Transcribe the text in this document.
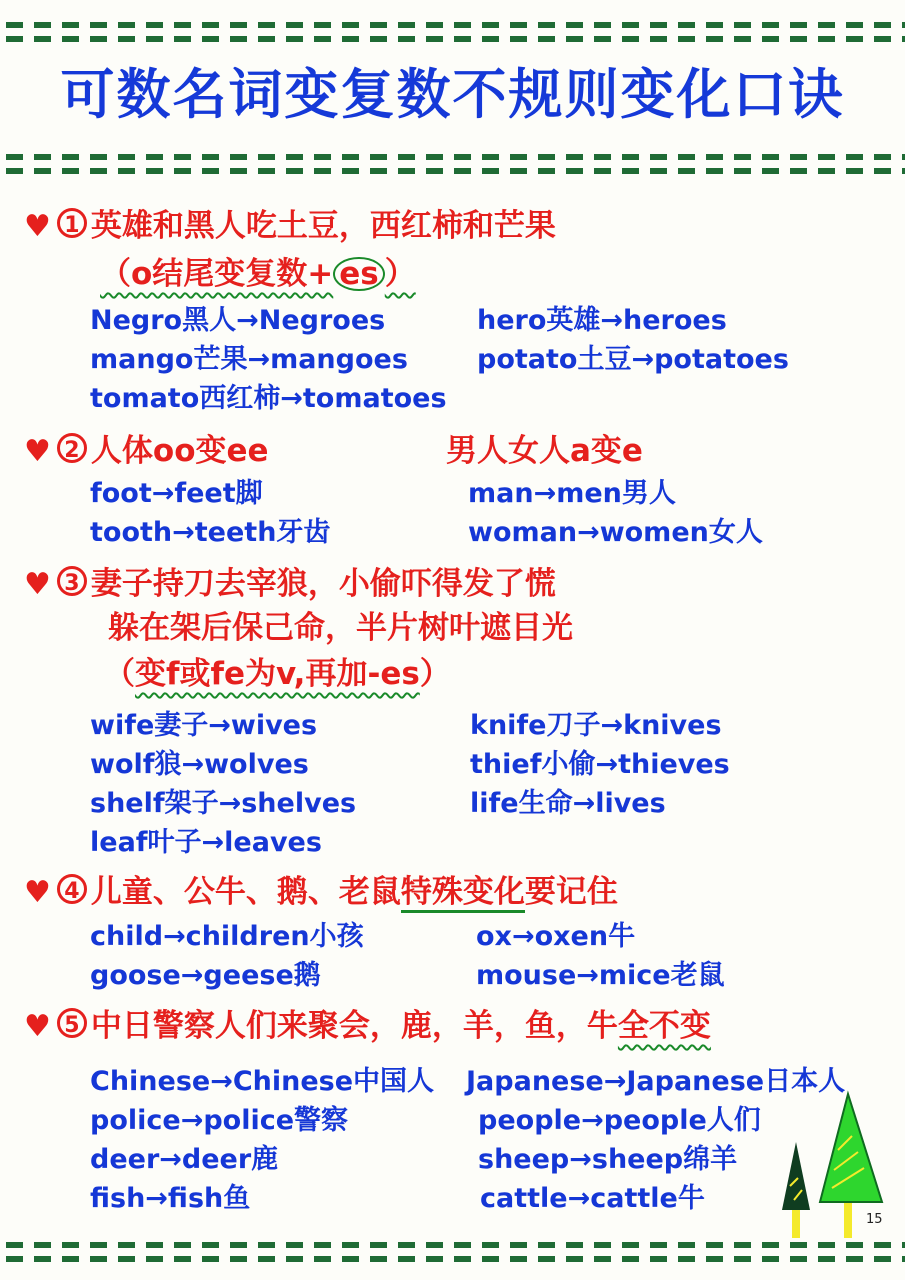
可数名词变复数不规则变化口诀
♥ 1 英雄和黑人吃土豆，西红柿和芒果
（o结尾变复数+ es ）
Negro黑人→Negroes	hero英雄→heroes
mango芒果→mangoes	potato土豆→potatoes
tomato西红柿→tomatoes
♥ 2 人体oo变ee	男人女人a变e
foot→feet脚	man→men男人
tooth→teeth牙齿	woman→women女人
♥ 3 妻子持刀去宰狼，小偷吓得发了慌
躲在架后保己命，半片树叶遮目光
（变f或fe为v,再加-es）
wife妻子→wives	knife刀子→knives
wolf狼→wolves	thief小偷→thieves
shelf架子→shelves	life生命→lives
leaf叶子→leaves
♥ 4 儿童、公牛、鹅、老鼠特殊变化要记住
child→children小孩	ox→oxen牛
goose→geese鹅	mouse→mice老鼠
♥ 5 中日警察人们来聚会，鹿，羊，鱼，牛全不变
Chinese→Chinese中国人 Japanese→Japanese日本人
police→police警察	people→people人们
deer→deer鹿	sheep→sheep绵羊
fish→fish鱼	cattle→cattle牛
15
